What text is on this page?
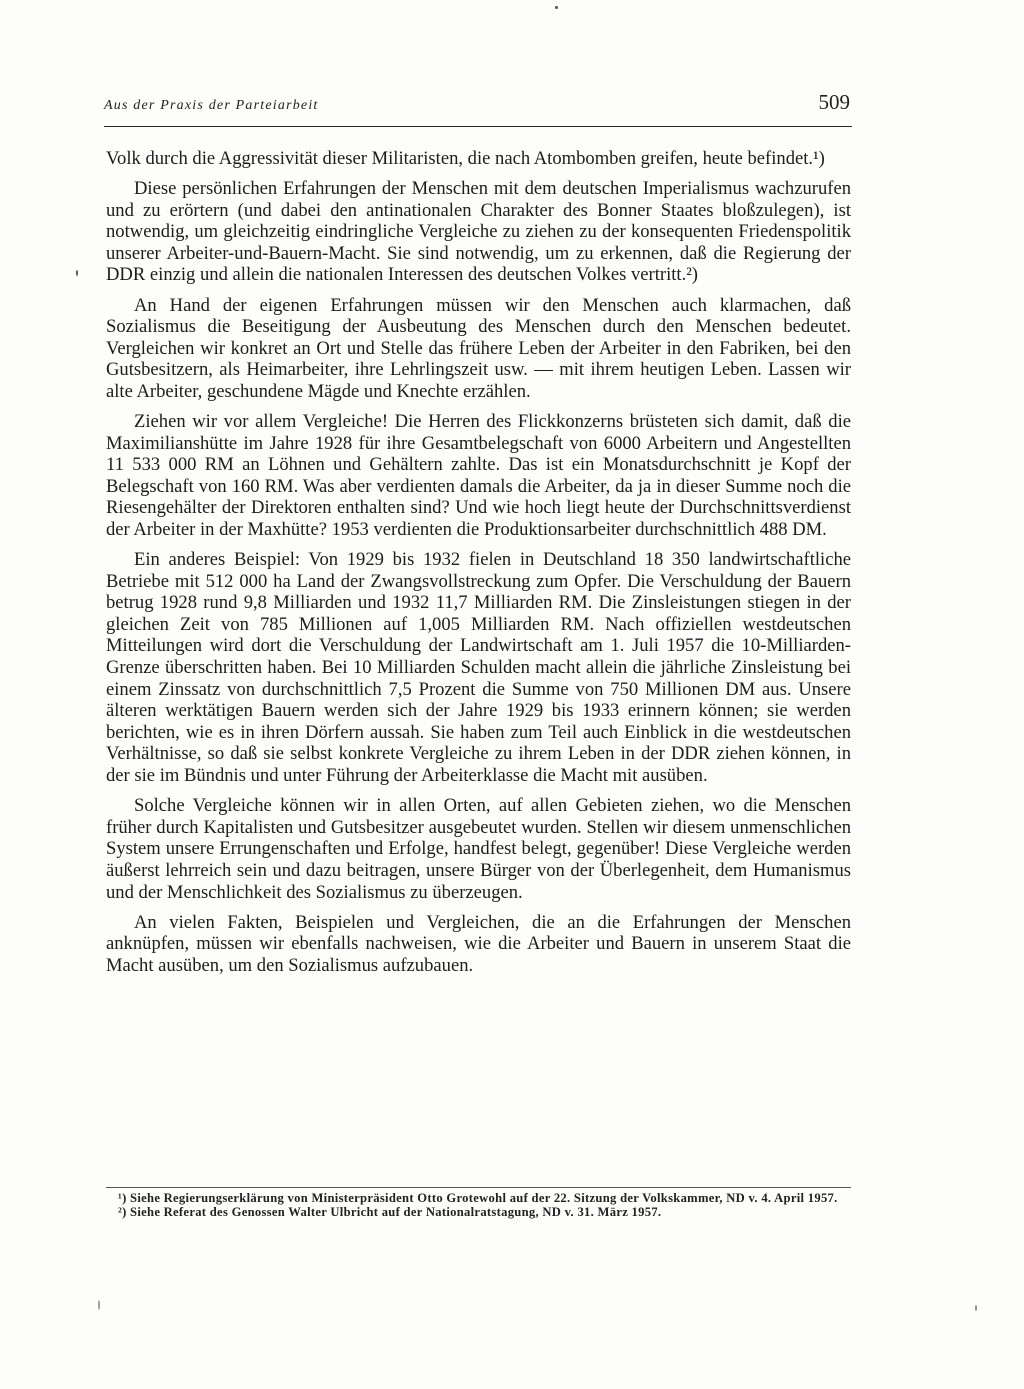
Aus der Praxis der Parteiarbeit	509

Volk durch die Aggressivität dieser Militaristen, die nach Atombomben greifen, heute befindet.¹)

Diese persönlichen Erfahrungen der Menschen mit dem deutschen Imperialismus wachzurufen und zu erörtern (und dabei den antinationalen Charakter des Bonner Staates bloßzulegen), ist notwendig, um gleichzeitig eindringliche Vergleiche zu ziehen zu der konsequenten Friedenspolitik unserer Arbeiter-und-Bauern-Macht. Sie sind notwendig, um zu erkennen, daß die Regierung der DDR einzig und allein die nationalen Interessen des deutschen Volkes vertritt.²)

An Hand der eigenen Erfahrungen müssen wir den Menschen auch klarmachen, daß Sozialismus die Beseitigung der Ausbeutung des Menschen durch den Menschen bedeutet. Vergleichen wir konkret an Ort und Stelle das frühere Leben der Arbeiter in den Fabriken, bei den Gutsbesitzern, als Heimarbeiter, ihre Lehrlingszeit usw. — mit ihrem heutigen Leben. Lassen wir alte Arbeiter, geschundene Mägde und Knechte erzählen.

Ziehen wir vor allem Vergleiche! Die Herren des Flickkonzerns brüsteten sich damit, daß die Maximilianshütte im Jahre 1928 für ihre Gesamtbelegschaft von 6000 Arbeitern und Angestellten 11 533 000 RM an Löhnen und Gehältern zahlte. Das ist ein Monatsdurchschnitt je Kopf der Belegschaft von 160 RM. Was aber verdienten damals die Arbeiter, da ja in dieser Summe noch die Riesengehälter der Direktoren enthalten sind? Und wie hoch liegt heute der Durchschnittsverdienst der Arbeiter in der Maxhütte? 1953 verdienten die Produktionsarbeiter durchschnittlich 488 DM.

Ein anderes Beispiel: Von 1929 bis 1932 fielen in Deutschland 18 350 landwirtschaftliche Betriebe mit 512 000 ha Land der Zwangsvollstreckung zum Opfer. Die Verschuldung der Bauern betrug 1928 rund 9,8 Milliarden und 1932 11,7 Milliarden RM. Die Zinsleistungen stiegen in der gleichen Zeit von 785 Millionen auf 1,005 Milliarden RM. Nach offiziellen westdeutschen Mitteilungen wird dort die Verschuldung der Landwirtschaft am 1. Juli 1957 die 10-Milliarden-Grenze überschritten haben. Bei 10 Milliarden Schulden macht allein die jährliche Zinsleistung bei einem Zinssatz von durchschnittlich 7,5 Prozent die Summe von 750 Millionen DM aus. Unsere älteren werktätigen Bauern werden sich der Jahre 1929 bis 1933 erinnern können; sie werden berichten, wie es in ihren Dörfern aussah. Sie haben zum Teil auch Einblick in die westdeutschen Verhältnisse, so daß sie selbst konkrete Vergleiche zu ihrem Leben in der DDR ziehen können, in der sie im Bündnis und unter Führung der Arbeiterklasse die Macht mit ausüben.

Solche Vergleiche können wir in allen Orten, auf allen Gebieten ziehen, wo die Menschen früher durch Kapitalisten und Gutsbesitzer ausgebeutet wurden. Stellen wir diesem unmenschlichen System unsere Errungenschaften und Erfolge, handfest belegt, gegenüber! Diese Vergleiche werden äußerst lehrreich sein und dazu beitragen, unsere Bürger von der Überlegenheit, dem Humanismus und der Menschlichkeit des Sozialismus zu überzeugen.

An vielen Fakten, Beispielen und Vergleichen, die an die Erfahrungen der Menschen anknüpfen, müssen wir ebenfalls nachweisen, wie die Arbeiter und Bauern in unserem Staat die Macht ausüben, um den Sozialismus aufzubauen.

¹) Siehe Regierungserklärung von Ministerpräsident Otto Grotewohl auf der 22. Sitzung der Volkskammer, ND v. 4. April 1957.

²) Siehe Referat des Genossen Walter Ulbricht auf der Nationalratstagung, ND v. 31. März 1957.
